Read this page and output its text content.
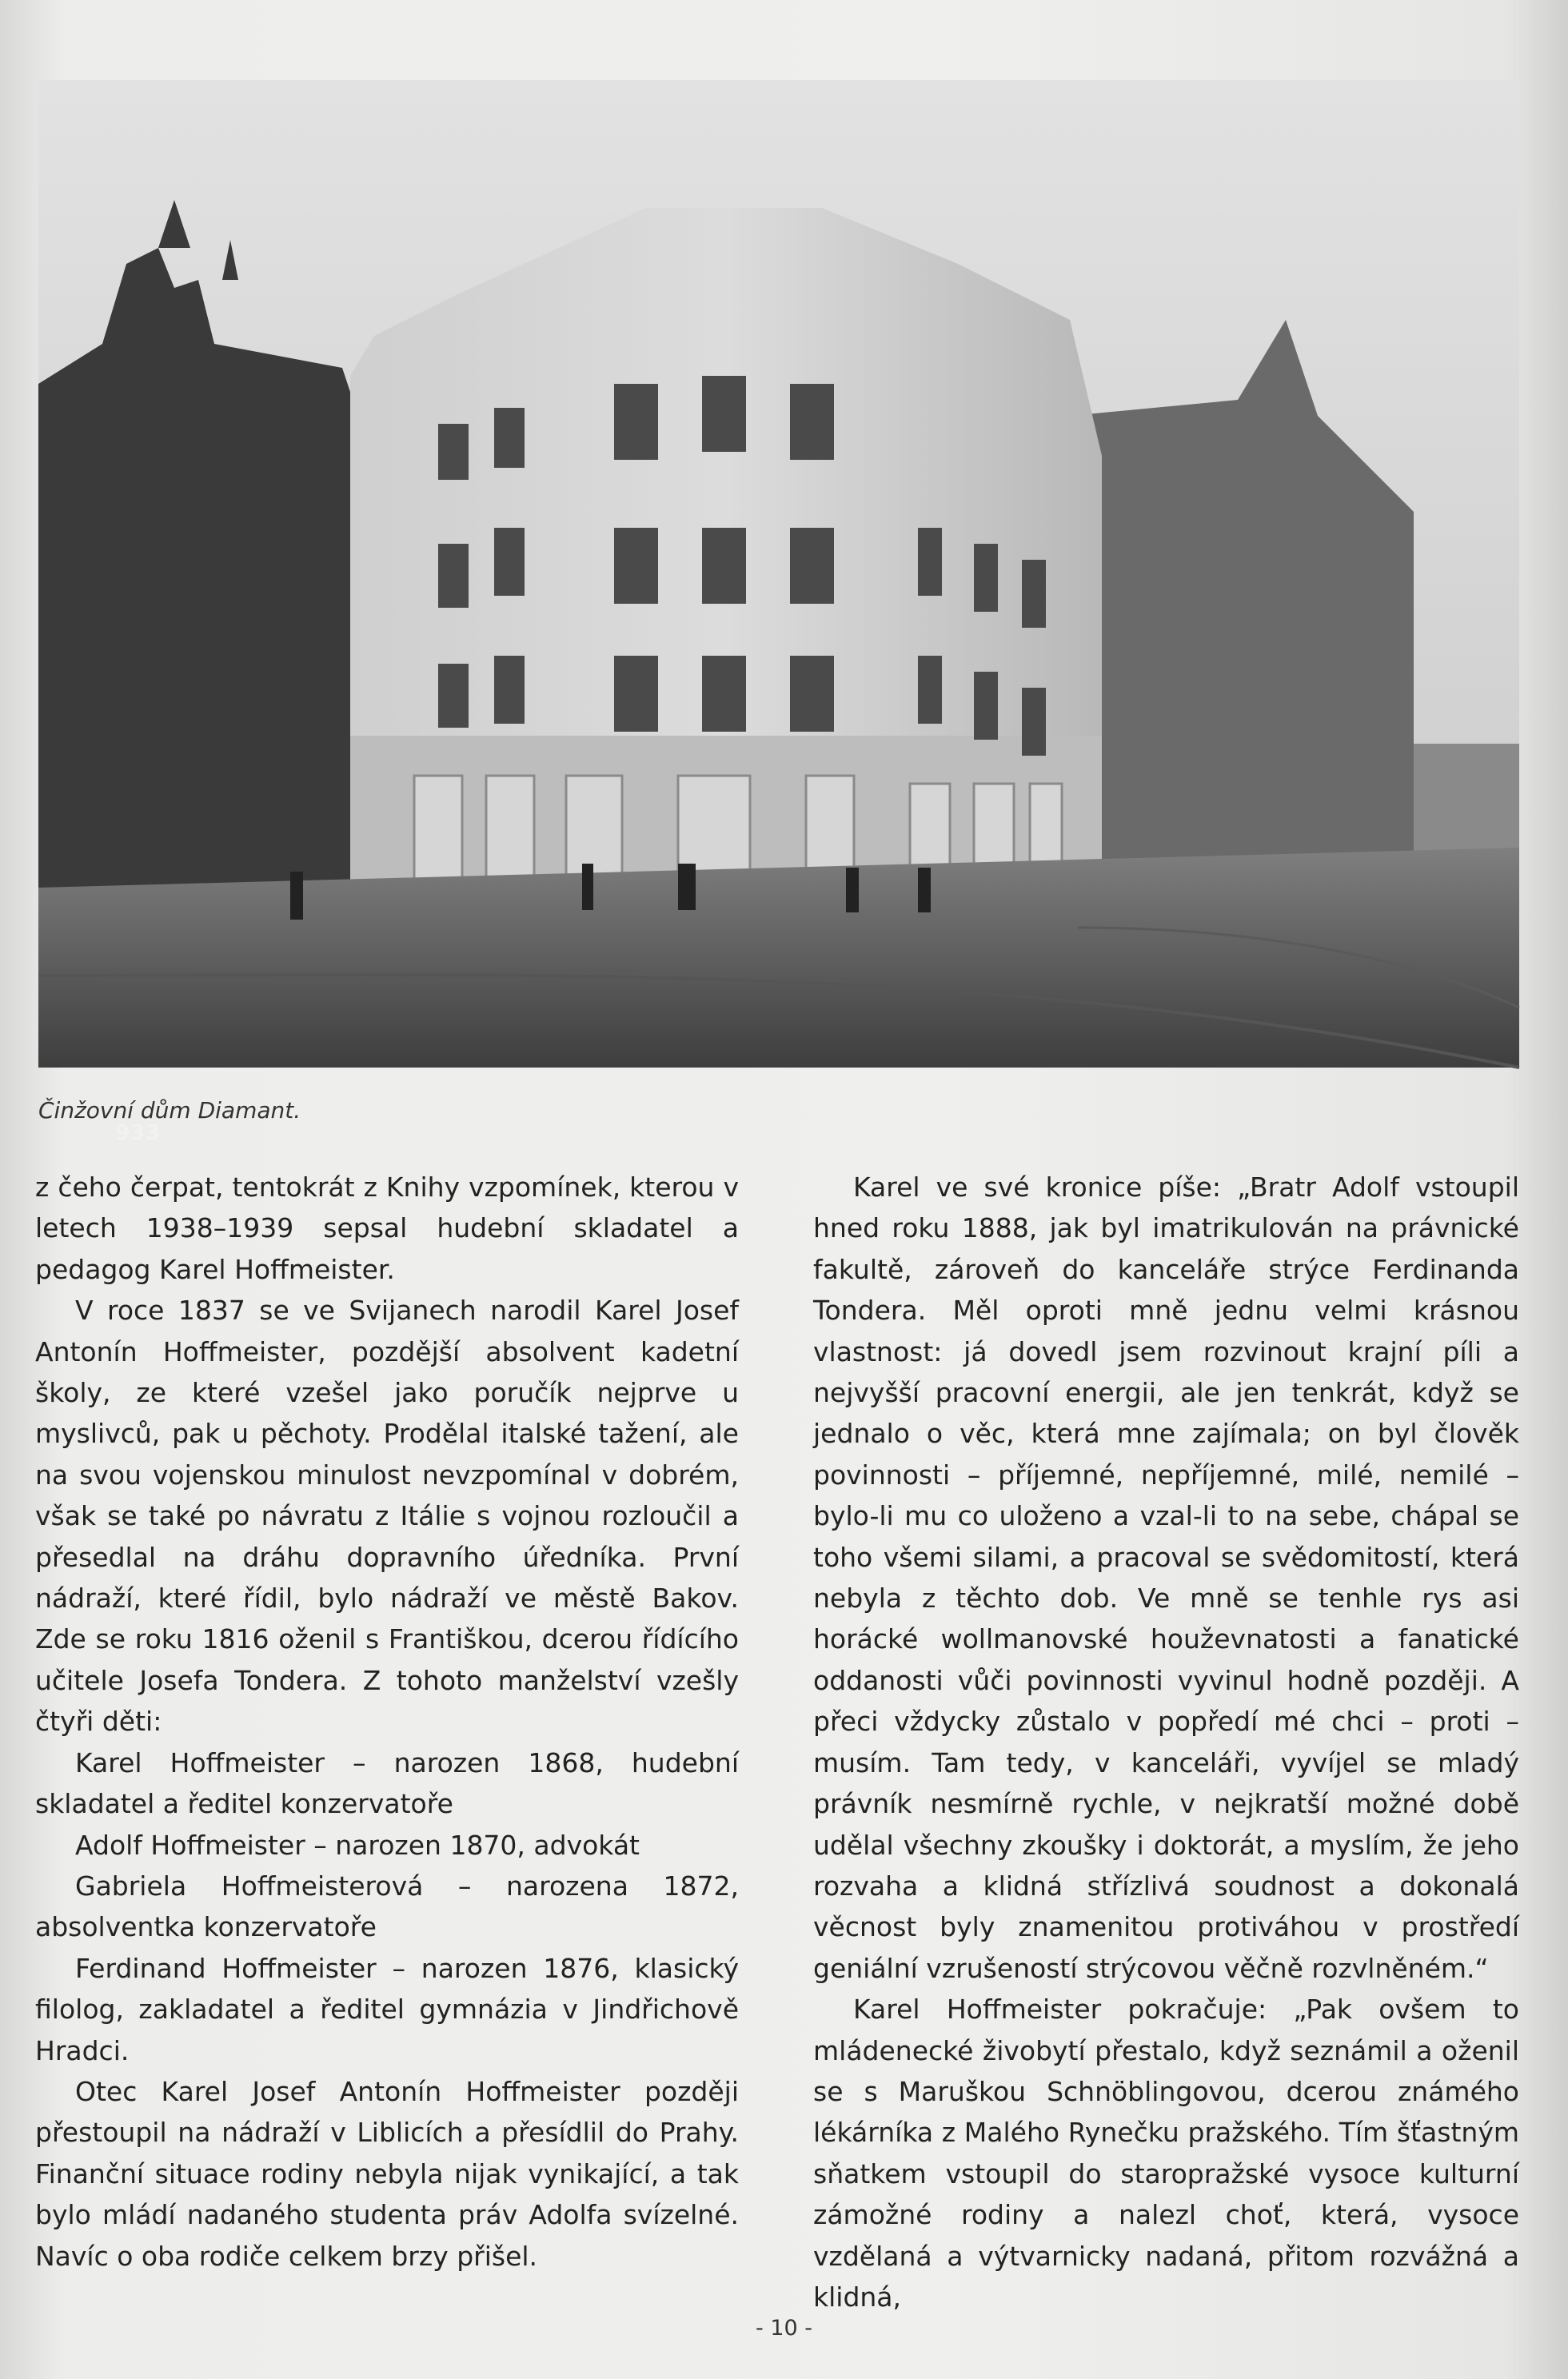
933
Činžovní dům Diamant.

z čeho čerpat, tentokrát z Knihy vzpomínek, kterou v letech 1938–1939 sepsal hudební skladatel a pedagog Karel Hoffmeister.

V roce 1837 se ve Svijanech narodil Karel Josef Antonín Hoffmeister, pozdější absolvent kadetní školy, ze které vzešel jako poručík nejprve u myslivců, pak u pěchoty. Prodělal italské tažení, ale na svou vojenskou minulost nevzpomínal v dobrém, však se také po návratu z Itálie s vojnou rozloučil a přesedlal na dráhu dopravního úředníka. První nádraží, které řídil, bylo nádraží ve městě Bakov. Zde se roku 1816 oženil s Františkou, dcerou řídícího učitele Josefa Tondera. Z tohoto manželství vzešly čtyři děti:

Karel Hoffmeister – narozen 1868, hudební skladatel a ředitel konzervatoře

Adolf Hoffmeister – narozen 1870, advokát

Gabriela Hoffmeisterová – narozena 1872, absolventka konzervatoře

Ferdinand Hoffmeister – narozen 1876, klasický filolog, zakladatel a ředitel gymnázia v Jindřichově Hradci.

Otec Karel Josef Antonín Hoffmeister později přestoupil na nádraží v Liblicích a přesídlil do Prahy. Finanční situace rodiny nebyla nijak vynikající, a tak bylo mládí nadaného studenta práv Adolfa svízelné. Navíc o oba rodiče celkem brzy přišel.

Karel ve své kronice píše: „Bratr Adolf vstoupil hned roku 1888, jak byl imatrikulován na právnické fakultě, zároveň do kanceláře strýce Ferdinanda Tondera. Měl oproti mně jednu velmi krásnou vlastnost: já dovedl jsem rozvinout krajní píli a nejvyšší pracovní energii, ale jen tenkrát, když se jednalo o věc, která mne zajímala; on byl člověk povinnosti – příjemné, nepříjemné, milé, nemilé – bylo-li mu co uloženo a vzal-li to na sebe, chápal se toho všemi silami, a pracoval se svědomitostí, která nebyla z těchto dob. Ve mně se tenhle rys asi horácké wollmanovské houževnatosti a fanatické oddanosti vůči povinnosti vyvinul hodně později. A přeci vždycky zůstalo v popředí mé chci – proti – musím. Tam tedy, v kanceláři, vyvíjel se mladý právník nesmírně rychle, v nejkratší možné době udělal všechny zkoušky i doktorát, a myslím, že jeho rozvaha a klidná střízlivá soudnost a dokonalá věcnost byly znamenitou protiváhou v prostředí geniální vzrušeností strýcovou věčně rozvlněném.“

Karel Hoffmeister pokračuje: „Pak ovšem to mládenecké živobytí přestalo, když seznámil a oženil se s Maruškou Schnöblingovou, dcerou známého lékárníka z Malého Rynečku pražského. Tím šťastným sňatkem vstoupil do staropražské vysoce kulturní zámožné rodiny a nalezl choť, která, vysoce vzdělaná a výtvarnicky nadaná, přitom rozvážná a klidná,

- 10 -
